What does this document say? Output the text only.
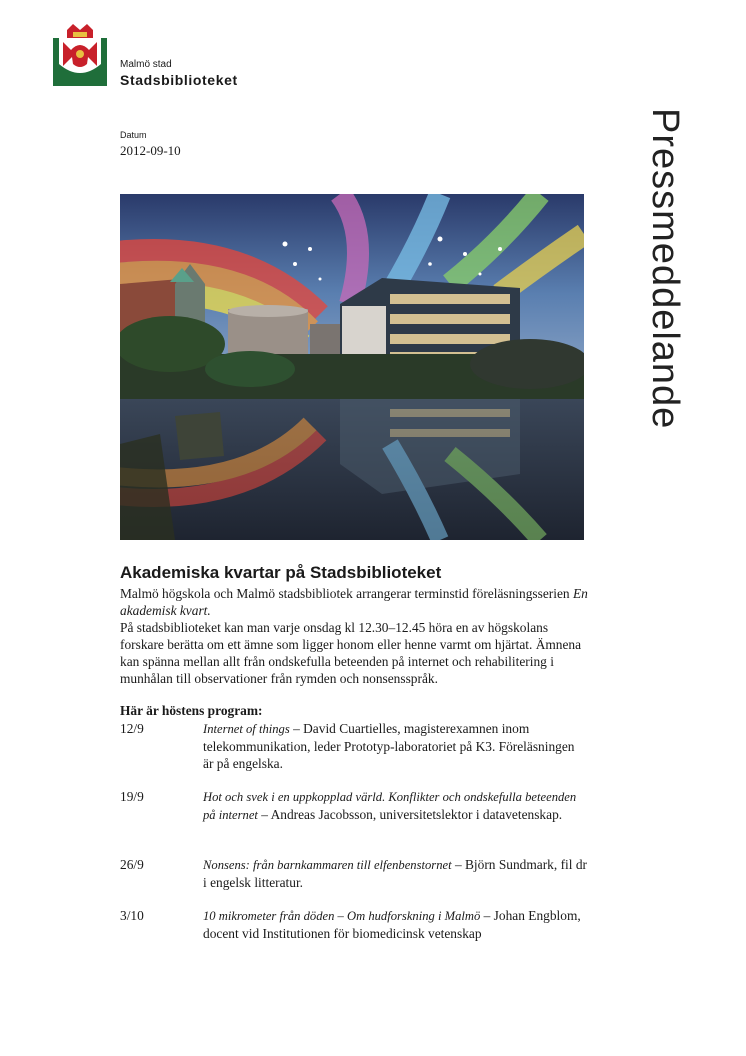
Malmö stad
Stadsbiblioteket
Datum
2012-09-10	Pressmeddelande
Akademiska kvartar på Stadsbiblioteket

Malmö högskola och Malmö stadsbibliotek arrangerar terminstid föreläsningsserien En akademisk kvart.

På stadsbiblioteket kan man varje onsdag kl 12.30–12.45 höra en av högskolans forskare berätta om ett ämne som ligger honom eller henne varmt om hjärtat. Ämnena kan spänna mellan allt från ondskefulla beteenden på internet och rehabilitering i munhålan till observationer från rymden och nonsensspråk.

Här är höstens program:
12/9	Internet of things – David Cuartielles, magisterexamnen inom telekommunikation, leder Prototyp-laboratoriet på K3. Föreläsningen är på engelska.
19/9	Hot och svek i en uppkopplad värld. Konflikter och ondskefulla beteenden på internet – Andreas Jacobsson, universitetslektor i datavetenskap.
26/9	Nonsens: från barnkammaren till elfenbenstornet – Björn Sundmark, fil dr i engelsk litteratur.
3/10	10 mikrometer från döden – Om hudforskning i Malmö – Johan Engblom, docent vid Institutionen för biomedicinsk vetenskap
